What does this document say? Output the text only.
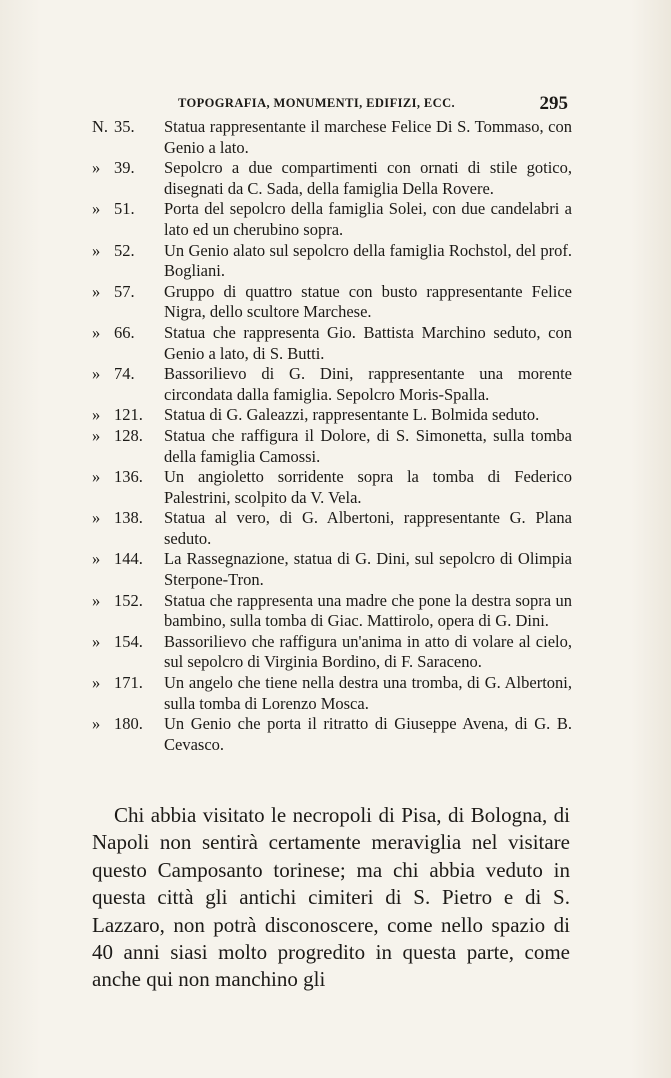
TOPOGRAFIA, MONUMENTI, EDIFIZI, ECC.	295
N. 35.	Statua rappresentante il marchese Felice Di S. Tommaso, con Genio a lato.
» 39.	Sepolcro a due compartimenti con ornati di stile gotico, disegnati da C. Sada, della famiglia Della Rovere.
» 51.	Porta del sepolcro della famiglia Solei, con due candelabri a lato ed un cherubino sopra.
» 52.	Un Genio alato sul sepolcro della famiglia Rochstol, del prof. Bogliani.
» 57.	Gruppo di quattro statue con busto rappresentante Felice Nigra, dello scultore Marchese.
» 66.	Statua che rappresenta Gio. Battista Marchino seduto, con Genio a lato, di S. Butti.
» 74.	Bassorilievo di G. Dini, rappresentante una morente circondata dalla famiglia. Sepolcro Moris-Spalla.
» 121.	Statua di G. Galeazzi, rappresentante L. Bolmida seduto.
» 128.	Statua che raffigura il Dolore, di S. Simonetta, sulla tomba della famiglia Camossi.
» 136.	Un angioletto sorridente sopra la tomba di Federico Palestrini, scolpito da V. Vela.
» 138.	Statua al vero, di G. Albertoni, rappresentante G. Plana seduto.
» 144.	La Rassegnazione, statua di G. Dini, sul sepolcro di Olimpia Sterpone-Tron.
» 152.	Statua che rappresenta una madre che pone la destra sopra un bambino, sulla tomba di Giac. Mattirolo, opera di G. Dini.
» 154.	Bassorilievo che raffigura un'anima in atto di volare al cielo, sul sepolcro di Virginia Bordino, di F. Saraceno.
» 171.	Un angelo che tiene nella destra una tromba, di G. Albertoni, sulla tomba di Lorenzo Mosca.
» 180.	Un Genio che porta il ritratto di Giuseppe Avena, di G. B. Cevasco.
Chi abbia visitato le necropoli di Pisa, di Bologna, di Napoli non sentirà certamente meraviglia nel visitare questo Camposanto torinese; ma chi abbia veduto in questa città gli antichi cimiteri di S. Pietro e di S. Lazzaro, non potrà disconoscere, come nello spazio di 40 anni siasi molto progredito in questa parte, come anche qui non manchino gli
